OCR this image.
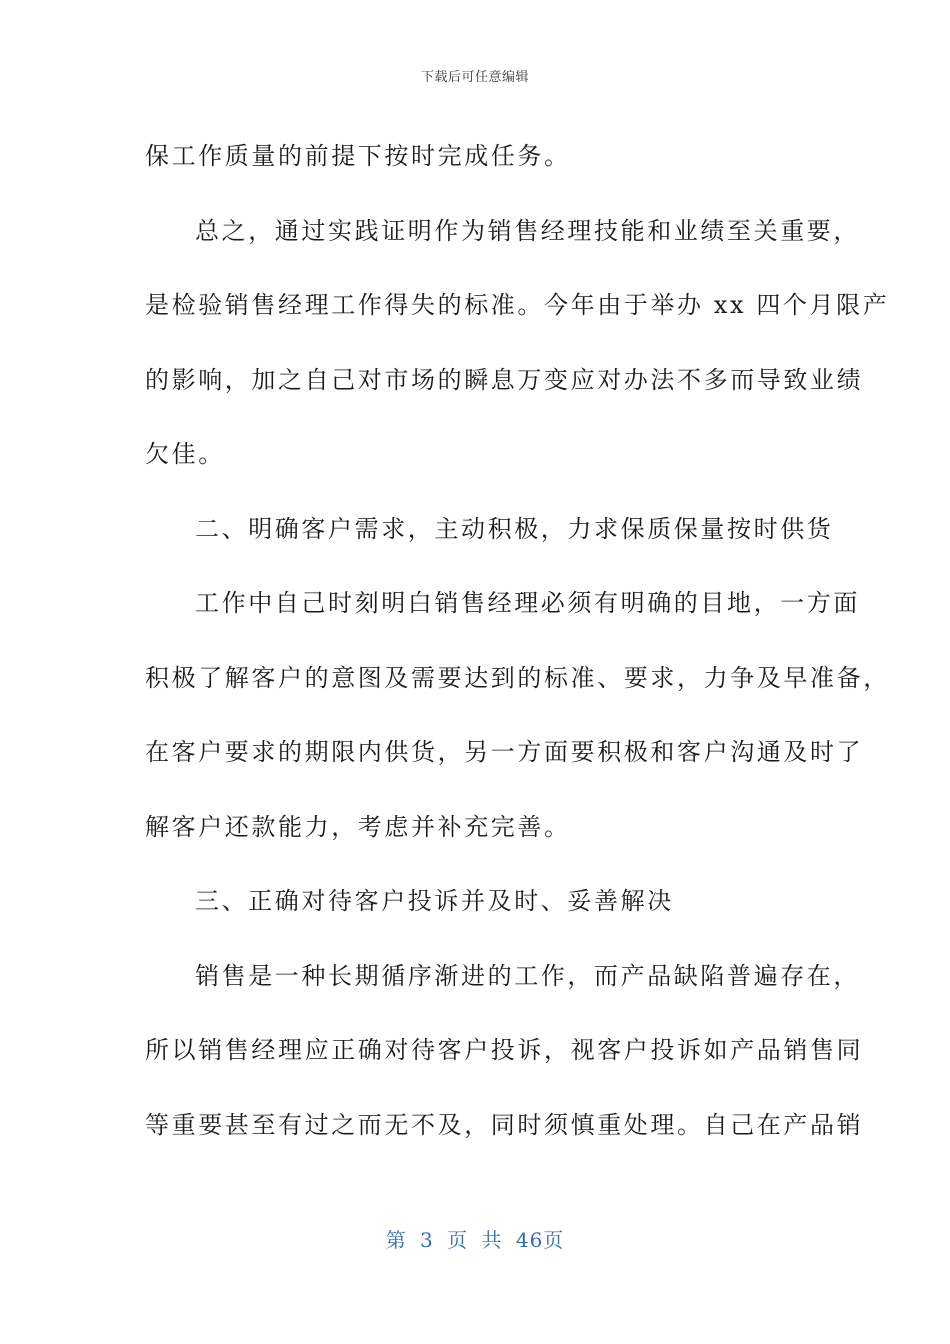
下载后可任意编辑
保工作质量的前提下按时完成任务。
总之，通过实践证明作为销售经理技能和业绩至关重要，
是检验销售经理工作得失的标准。今年由于举办 xx 四个月限产
的影响，加之自己对市场的瞬息万变应对办法不多而导致业绩
欠佳。
二、明确客户需求，主动积极，力求保质保量按时供货
工作中自己时刻明白销售经理必须有明确的目地，一方面
积极了解客户的意图及需要达到的标准、要求，力争及早准备，
在客户要求的期限内供货，另一方面要积极和客户沟通及时了
解客户还款能力，考虑并补充完善。
三、正确对待客户投诉并及时、妥善解决
销售是一种长期循序渐进的工作，而产品缺陷普遍存在，
所以销售经理应正确对待客户投诉，视客户投诉如产品销售同
等重要甚至有过之而无不及，同时须慎重处理。自己在产品销
第 3 页 共 46页
